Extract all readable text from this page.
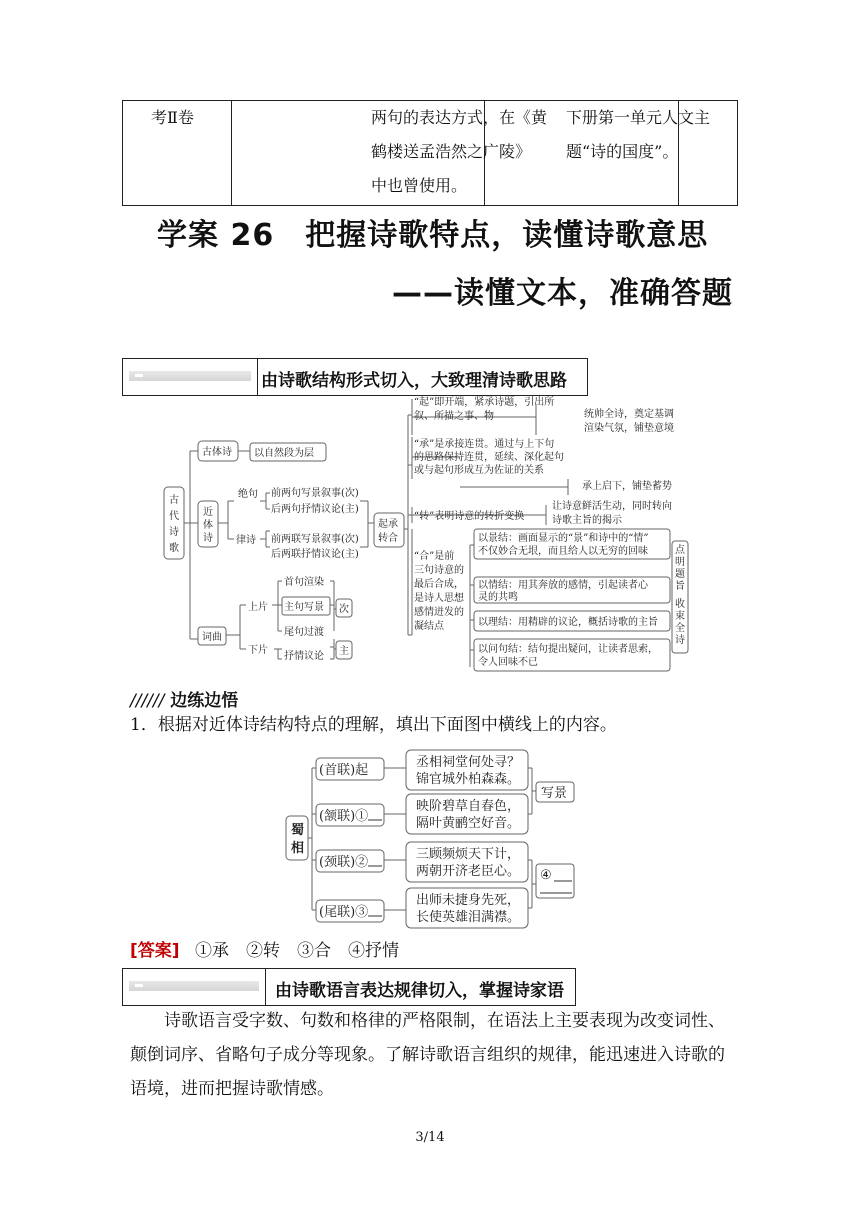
考Ⅱ卷	两句的表达方式，在《黄
鹤楼送孟浩然之广陵》
中也曾使用。
下册第一单元人文主
题“诗的国度”。
学案 26　把握诗歌特点，读懂诗歌意思
——读懂文本，准确答题
由诗歌结构形式切入，大致理清诗歌思路
古
代
诗
歌
古体诗 以自然段为层
近
体
诗
绝句 前两句写景叙事(次)
后两句抒情议论(主)
律诗 前两联写景叙事(次)
后两联抒情议论(主)
起承
转合
词曲
上片
下片
首句渲染
主句写景
尾句过渡
抒情议论
次
主
“起”即开端，紧承诗题，引出所
叙、所描之事、物	统帅全诗，奠定基调
渲染气氛，铺垫意境
“承”是承接连贯。通过与上下句
的思路保持连贯，延续、深化起句
或与起句形成互为佐证的关系
承上启下，铺垫蓄势
“转”表明诗意的转折变换
让诗意鲜活生动，同时转向
诗歌主旨的揭示
“合”是前
三句诗意的
最后合成，
是诗人思想
感情迸发的
凝结点
以景结：画面显示的“景”和诗中的“情”
不仅妙合无垠，而且给人以无穷的回味
以情结：用其奔放的感情，引起读者心
灵的共鸣
以理结：用精辟的议论，概括诗歌的主旨
以问句结：结句提出疑问，让读者思索，
令人回味不已
点
明
题
旨
收
束
全
诗
////// 边练边悟
1．根据对近体诗结构特点的理解，填出下面图中横线上的内容。
蜀
相
(首联)起
(颔联)①
(颈联)②
(尾联)③
丞相祠堂何处寻？
锦官城外柏森森。
映阶碧草自春色，
隔叶黄鹂空好音。
三顾频烦天下计，
两朝开济老臣心。
出师未捷身先死，
长使英雄泪满襟。
写景
④
[答案] ①承　②转　③合　④抒情
由诗歌语言表达规律切入，掌握诗家语
诗歌语言受字数、句数和格律的严格限制，在语法上主要表现为改变词性、
颠倒词序、省略句子成分等现象。了解诗歌语言组织的规律，能迅速进入诗歌的
语境，进而把握诗歌情感。
3/14
